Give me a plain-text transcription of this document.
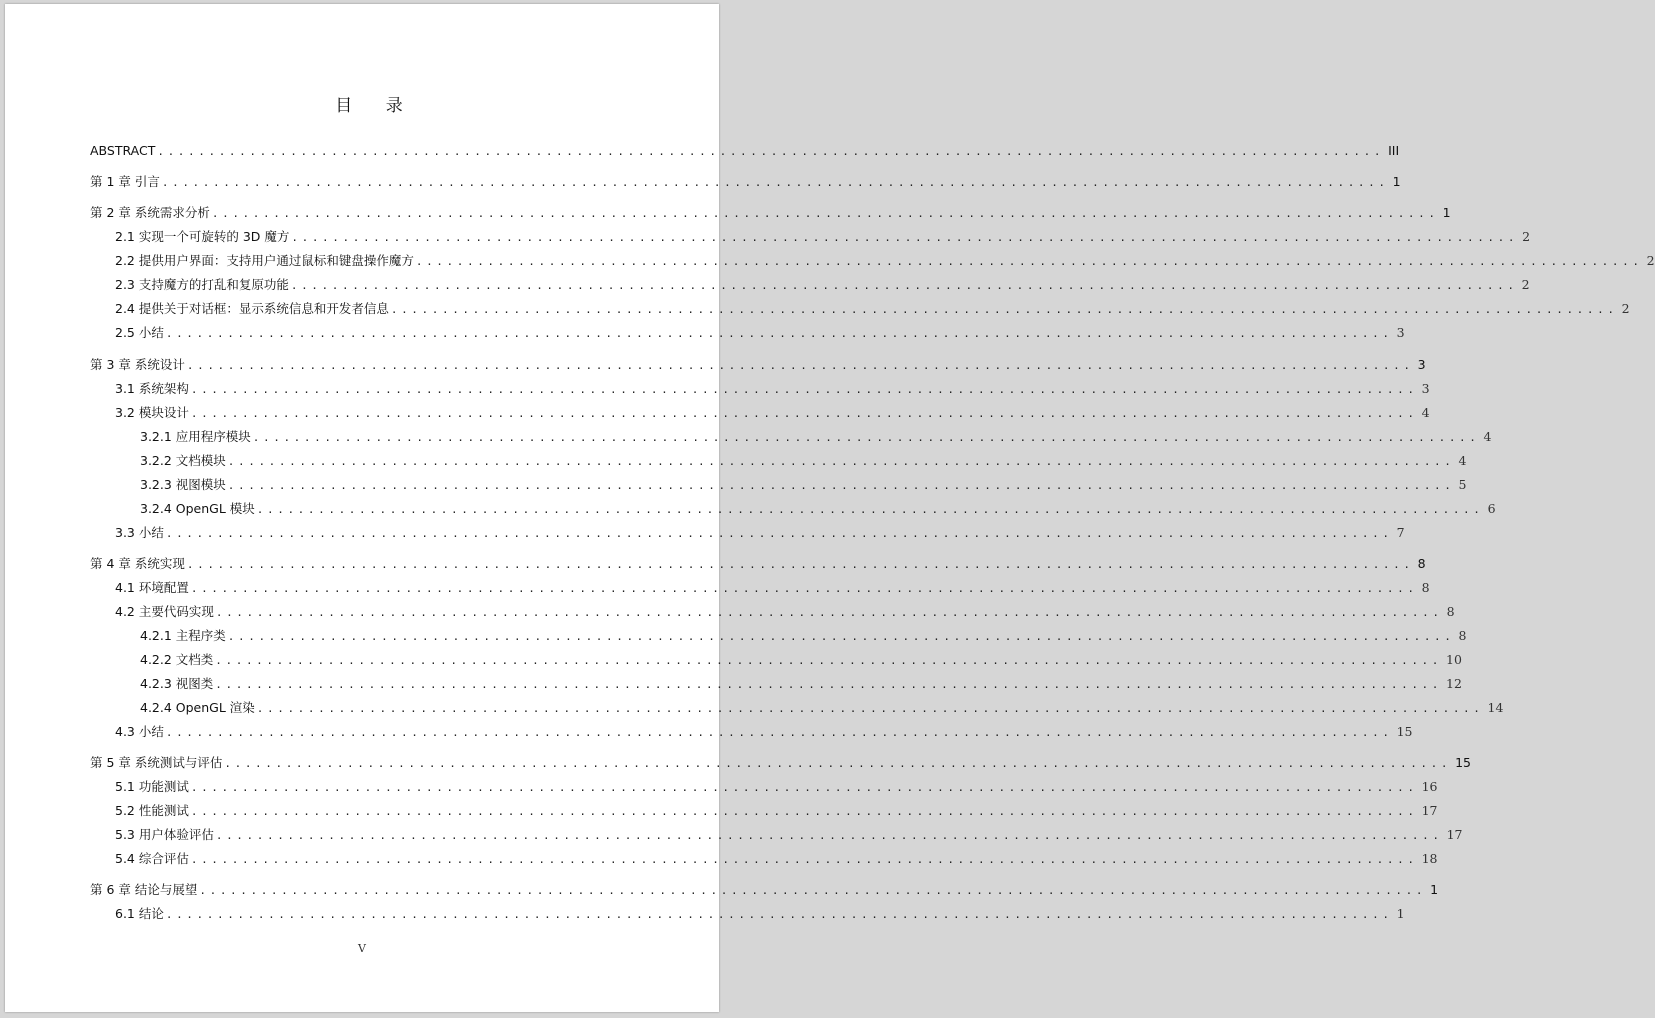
目 录
ABSTRACT ........................................................................................................................ III
第 1 章 引言 ........................................................................................................................ 1
第 2 章 系统需求分析 ........................................................................................................................ 1
2.1 实现一个可旋转的 3D 魔方 ........................................................................................................................ 2
2.2 提供用户界面：支持用户通过鼠标和键盘操作魔方 ........................................................................................................................ 2
2.3 支持魔方的打乱和复原功能 ........................................................................................................................ 2
2.4 提供关于对话框：显示系统信息和开发者信息 ........................................................................................................................ 2
2.5 小结 ........................................................................................................................ 3
第 3 章 系统设计 ........................................................................................................................ 3
3.1 系统架构 ........................................................................................................................ 3
3.2 模块设计 ........................................................................................................................ 4
3.2.1 应用程序模块 ........................................................................................................................ 4
3.2.2 文档模块 ........................................................................................................................ 4
3.2.3 视图模块 ........................................................................................................................ 5
3.2.4 OpenGL 模块 ........................................................................................................................ 6
3.3 小结 ........................................................................................................................ 7
第 4 章 系统实现 ........................................................................................................................ 8
4.1 环境配置 ........................................................................................................................ 8
4.2 主要代码实现 ........................................................................................................................ 8
4.2.1 主程序类 ........................................................................................................................ 8
4.2.2 文档类 ........................................................................................................................ 10
4.2.3 视图类 ........................................................................................................................ 12
4.2.4 OpenGL 渲染 ........................................................................................................................ 14
4.3 小结 ........................................................................................................................ 15
第 5 章 系统测试与评估 ........................................................................................................................ 15
5.1 功能测试 ........................................................................................................................ 16
5.2 性能测试 ........................................................................................................................ 17
5.3 用户体验评估 ........................................................................................................................ 17
5.4 综合评估 ........................................................................................................................ 18
第 6 章 结论与展望 ........................................................................................................................ 1
6.1 结论 ........................................................................................................................ 1
V
